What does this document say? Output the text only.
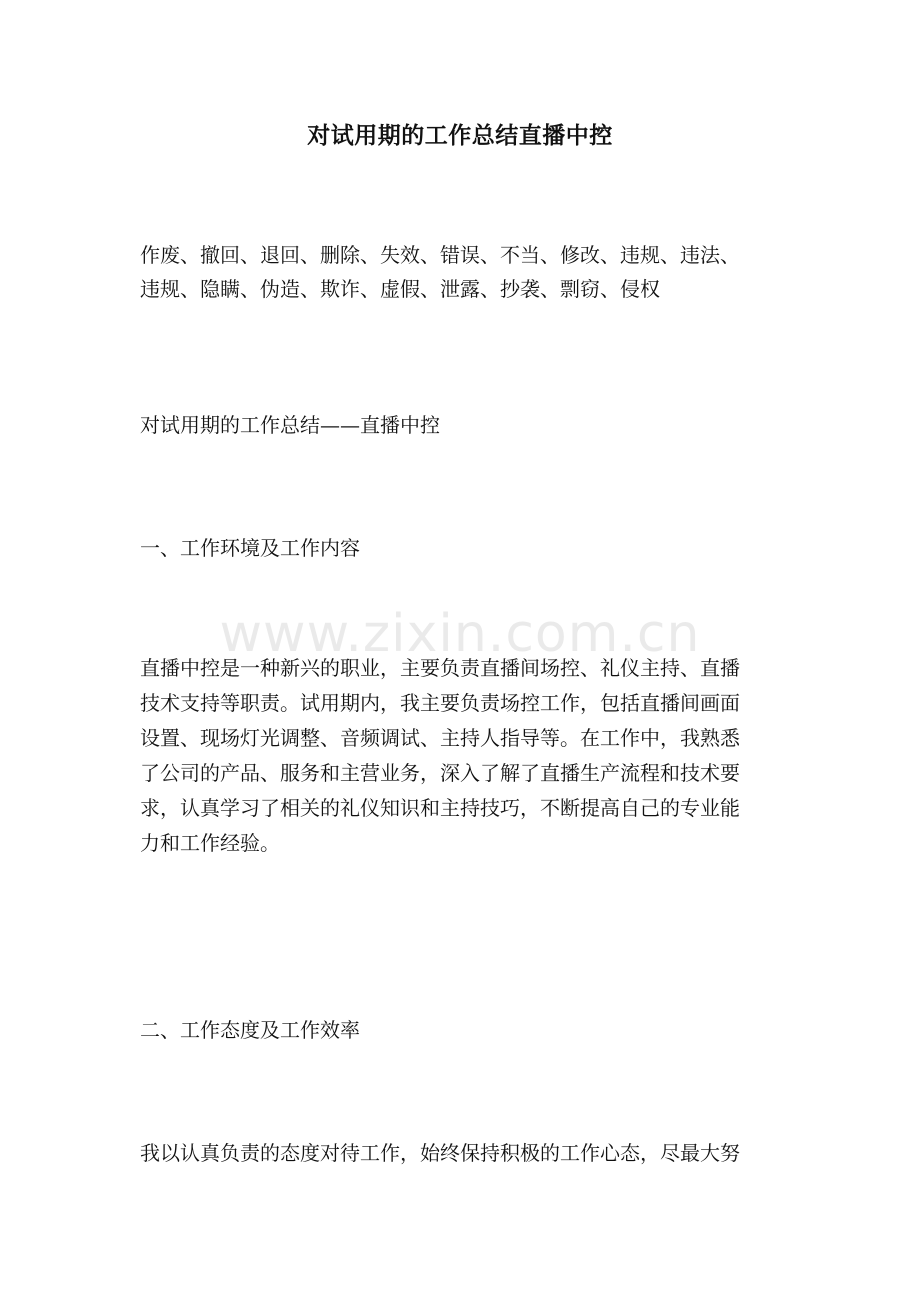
对试用期的工作总结直播中控
作废、撤回、退回、删除、失效、错误、不当、修改、违规、违法、
违规、隐瞒、伪造、欺诈、虚假、泄露、抄袭、剽窃、侵权
对试用期的工作总结——直播中控
一、工作环境及工作内容
直播中控是一种新兴的职业，主要负责直播间场控、礼仪主持、直播
技术支持等职责。试用期内，我主要负责场控工作，包括直播间画面
设置、现场灯光调整、音频调试、主持人指导等。在工作中，我熟悉
了公司的产品、服务和主营业务，深入了解了直播生产流程和技术要
求，认真学习了相关的礼仪知识和主持技巧，不断提高自己的专业能
力和工作经验。
二、工作态度及工作效率
我以认真负责的态度对待工作，始终保持积极的工作心态，尽最大努
www.zixin.com.cn
